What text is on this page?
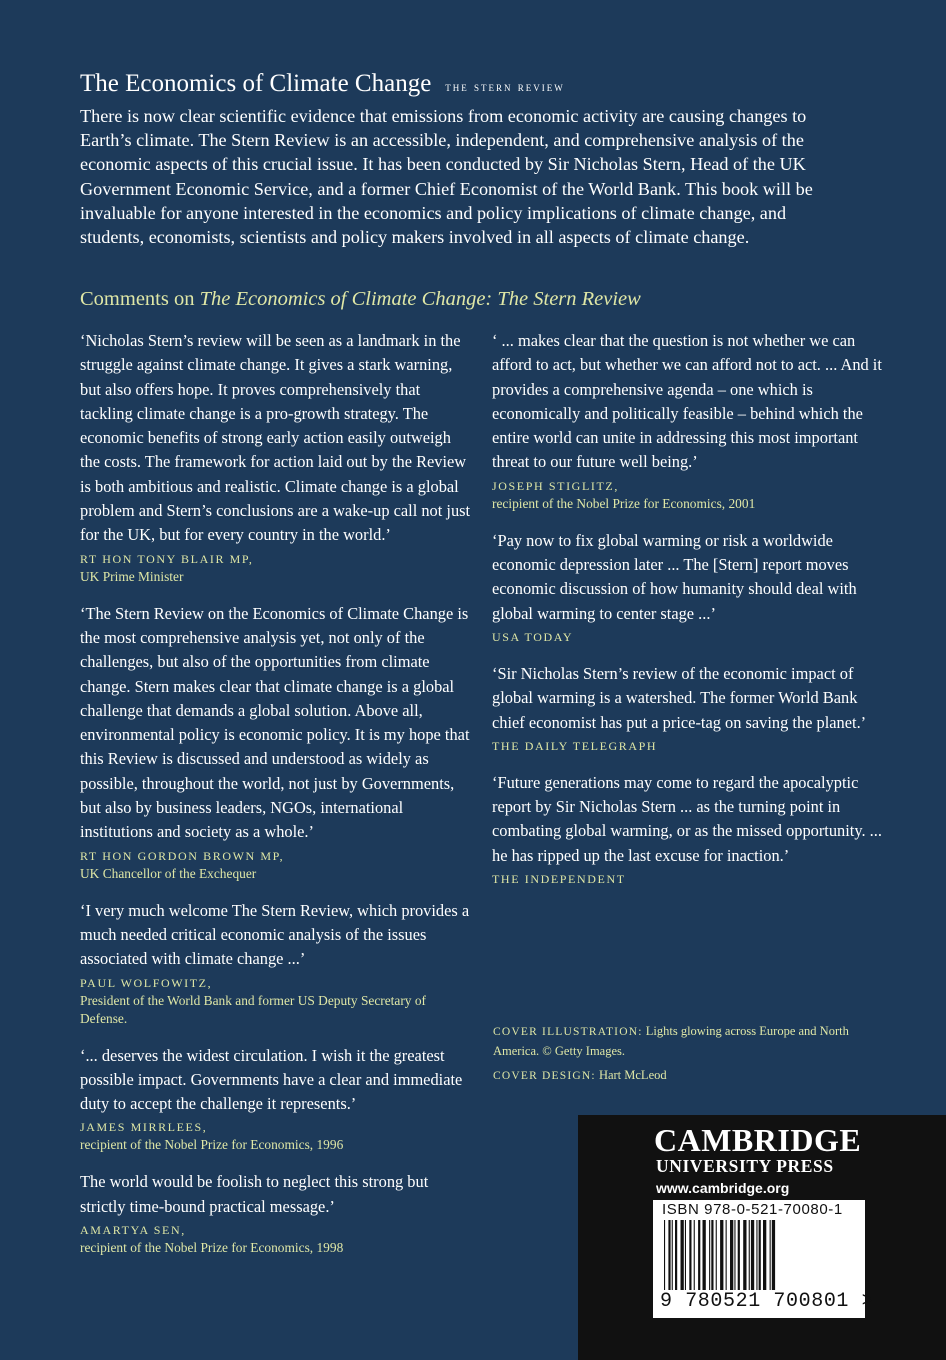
The Economics of Climate Change the stern review
There is now clear scientific evidence that emissions from economic activity are causing changes to Earth’s climate. The Stern Review is an accessible, independent, and comprehensive analysis of the economic aspects of this crucial issue. It has been conducted by Sir Nicholas Stern, Head of the UK Government Economic Service, and a former Chief Economist of the World Bank. This book will be invaluable for anyone interested in the economics and policy implications of climate change, and students, economists, scientists and policy makers involved in all aspects of climate change.
Comments on The Economics of Climate Change: The Stern Review

‘Nicholas Stern’s review will be seen as a landmark in the struggle against climate change. It gives a stark warning, but also offers hope. It proves comprehensively that tackling climate change is a pro-growth strategy. The economic benefits of strong early action easily outweigh the costs. The framework for action laid out by the Review is both ambitious and realistic. Climate change is a global problem and Stern’s conclusions are a wake-up call not just for the UK, but for every country in the world.’

RT HON TONY BLAIR MP,
UK Prime Minister

‘The Stern Review on the Economics of Climate Change is the most comprehensive analysis yet, not only of the challenges, but also of the opportunities from climate change. Stern makes clear that climate change is a global challenge that demands a global solution. Above all, environmental policy is economic policy. It is my hope that this Review is discussed and understood as widely as possible, throughout the world, not just by Governments, but also by business leaders, NGOs, international institutions and society as a whole.’

RT HON GORDON BROWN MP,
UK Chancellor of the Exchequer

‘I very much welcome The Stern Review, which provides a much needed critical economic analysis of the issues associated with climate change ...’

PAUL WOLFOWITZ,
President of the World Bank and former US Deputy Secretary of Defense.

‘... deserves the widest circulation. I wish it the greatest possible impact. Governments have a clear and immediate duty to accept the challenge it represents.’

JAMES MIRRLEES,
recipient of the Nobel Prize for Economics, 1996

The world would be foolish to neglect this strong but strictly time-bound practical message.’

AMARTYA SEN,
recipient of the Nobel Prize for Economics, 1998

‘ ... makes clear that the question is not whether we can afford to act, but whether we can afford not to act. ... And it provides a comprehensive agenda – one which is economically and politically feasible – behind which the entire world can unite in addressing this most important threat to our future well being.’

JOSEPH STIGLITZ,
recipient of the Nobel Prize for Economics, 2001

‘Pay now to fix global warming or risk a worldwide economic depression later ... The [Stern] report moves economic discussion of how humanity should deal with global warming to center stage ...’

USA TODAY

‘Sir Nicholas Stern’s review of the economic impact of global warming is a watershed. The former World Bank chief economist has put a price-tag on saving the planet.’

THE DAILY TELEGRAPH

‘Future generations may come to regard the apocalyptic report by Sir Nicholas Stern ... as the turning point in combating global warming, or as the missed opportunity. ... he has ripped up the last excuse for inaction.’

THE INDEPENDENT
COVER ILLUSTRATION: Lights glowing across Europe and North America. © Getty Images.
COVER DESIGN: Hart McLeod
CAMBRIDGE
UNIVERSITY PRESS
www.cambridge.org
ISBN 978-0-521-70080-1
9 780521 700801 >
